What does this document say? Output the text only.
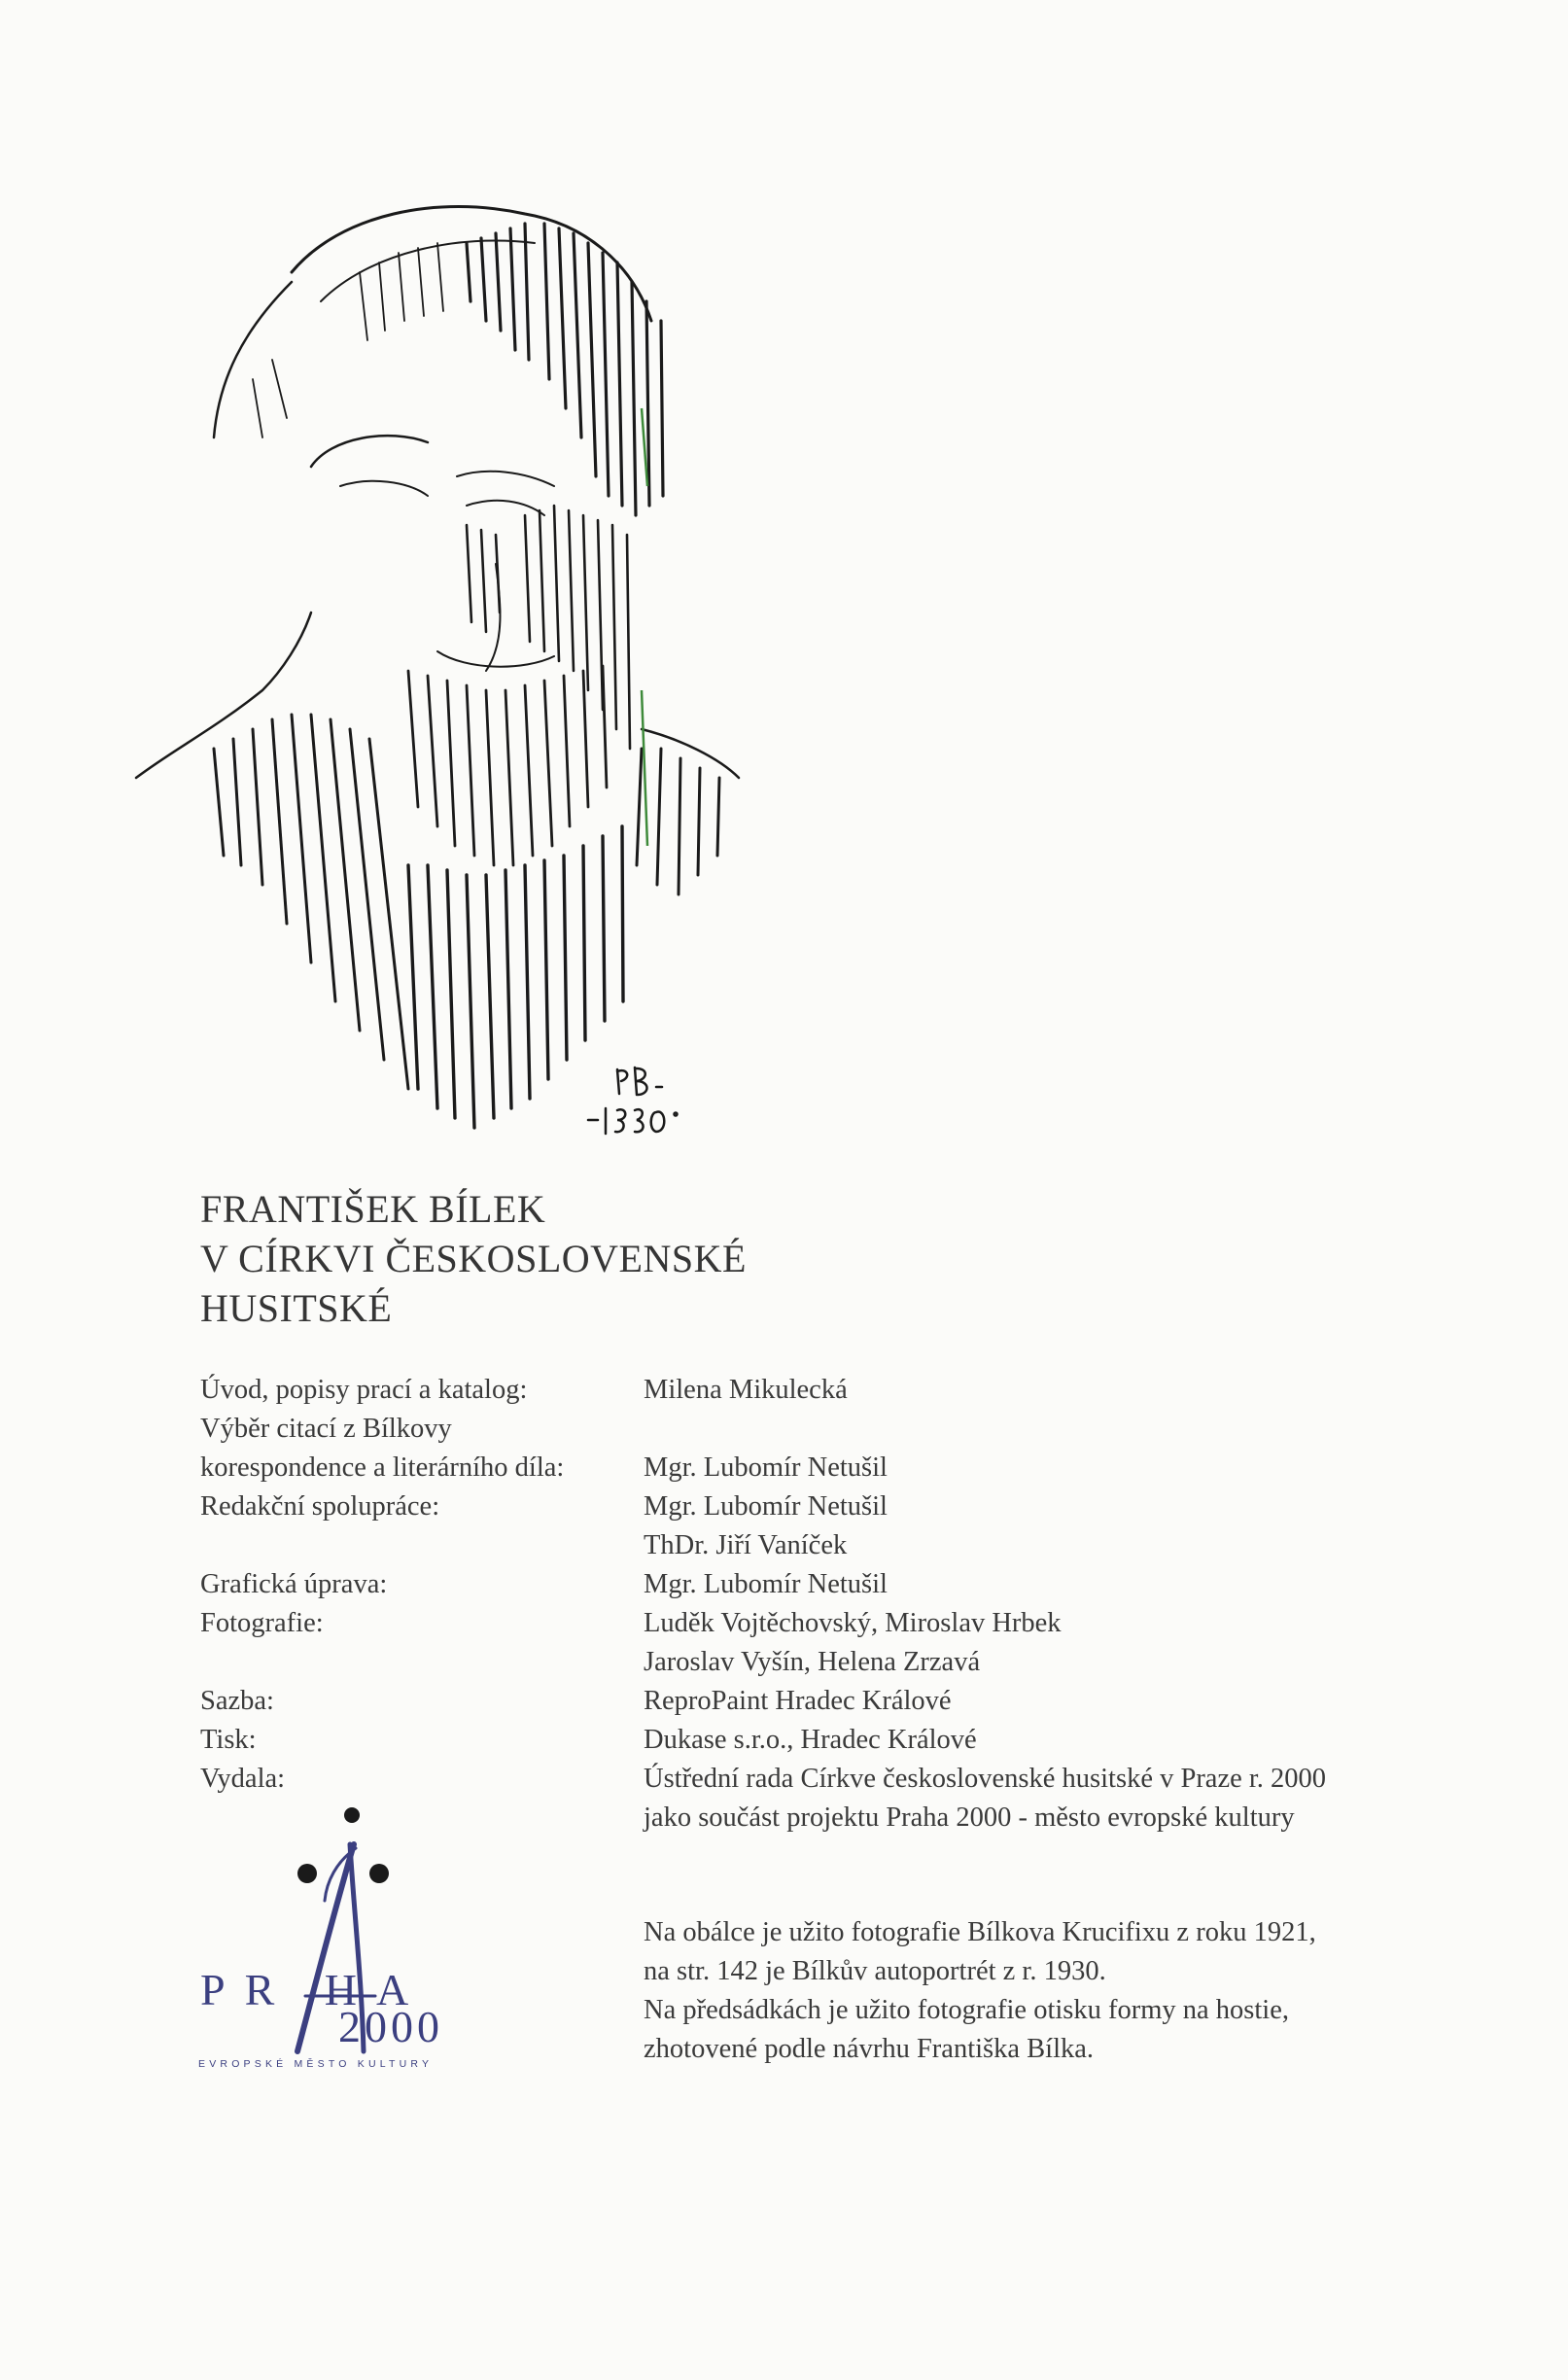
FRANTIŠEK BÍLEK
V CÍRKVI ČESKOSLOVENSKÉ
HUSITSKÉ
Úvod, popisy prací a katalog:	Milena Mikulecká
Výběr citací z Bílkovy
korespondence a literárního díla:	Mgr. Lubomír Netušil
Redakční spolupráce:	Mgr. Lubomír Netušil
ThDr. Jiří Vaníček
Grafická úprava:	Mgr. Lubomír Netušil
Fotografie:	Luděk Vojtěchovský, Miroslav Hrbek
Jaroslav Vyšín, Helena Zrzavá
Sazba:	ReproPaint Hradec Králové
Tisk:	Dukase s.r.o., Hradec Králové
Vydala:	Ústřední rada Církve československé husitské v Praze r. 2000
jako součást projektu Praha 2000 - město evropské kultury
Na obálce je užito fotografie Bílkova Krucifixu z roku 1921,
na str. 142 je Bílkův autoportrét z r. 1930.
Na předsádkách je užito fotografie otisku formy na hostie,
zhotovené podle návrhu Františka Bílka.
PR HA
2000
EVROPSKÉ MĚSTO KULTURY
